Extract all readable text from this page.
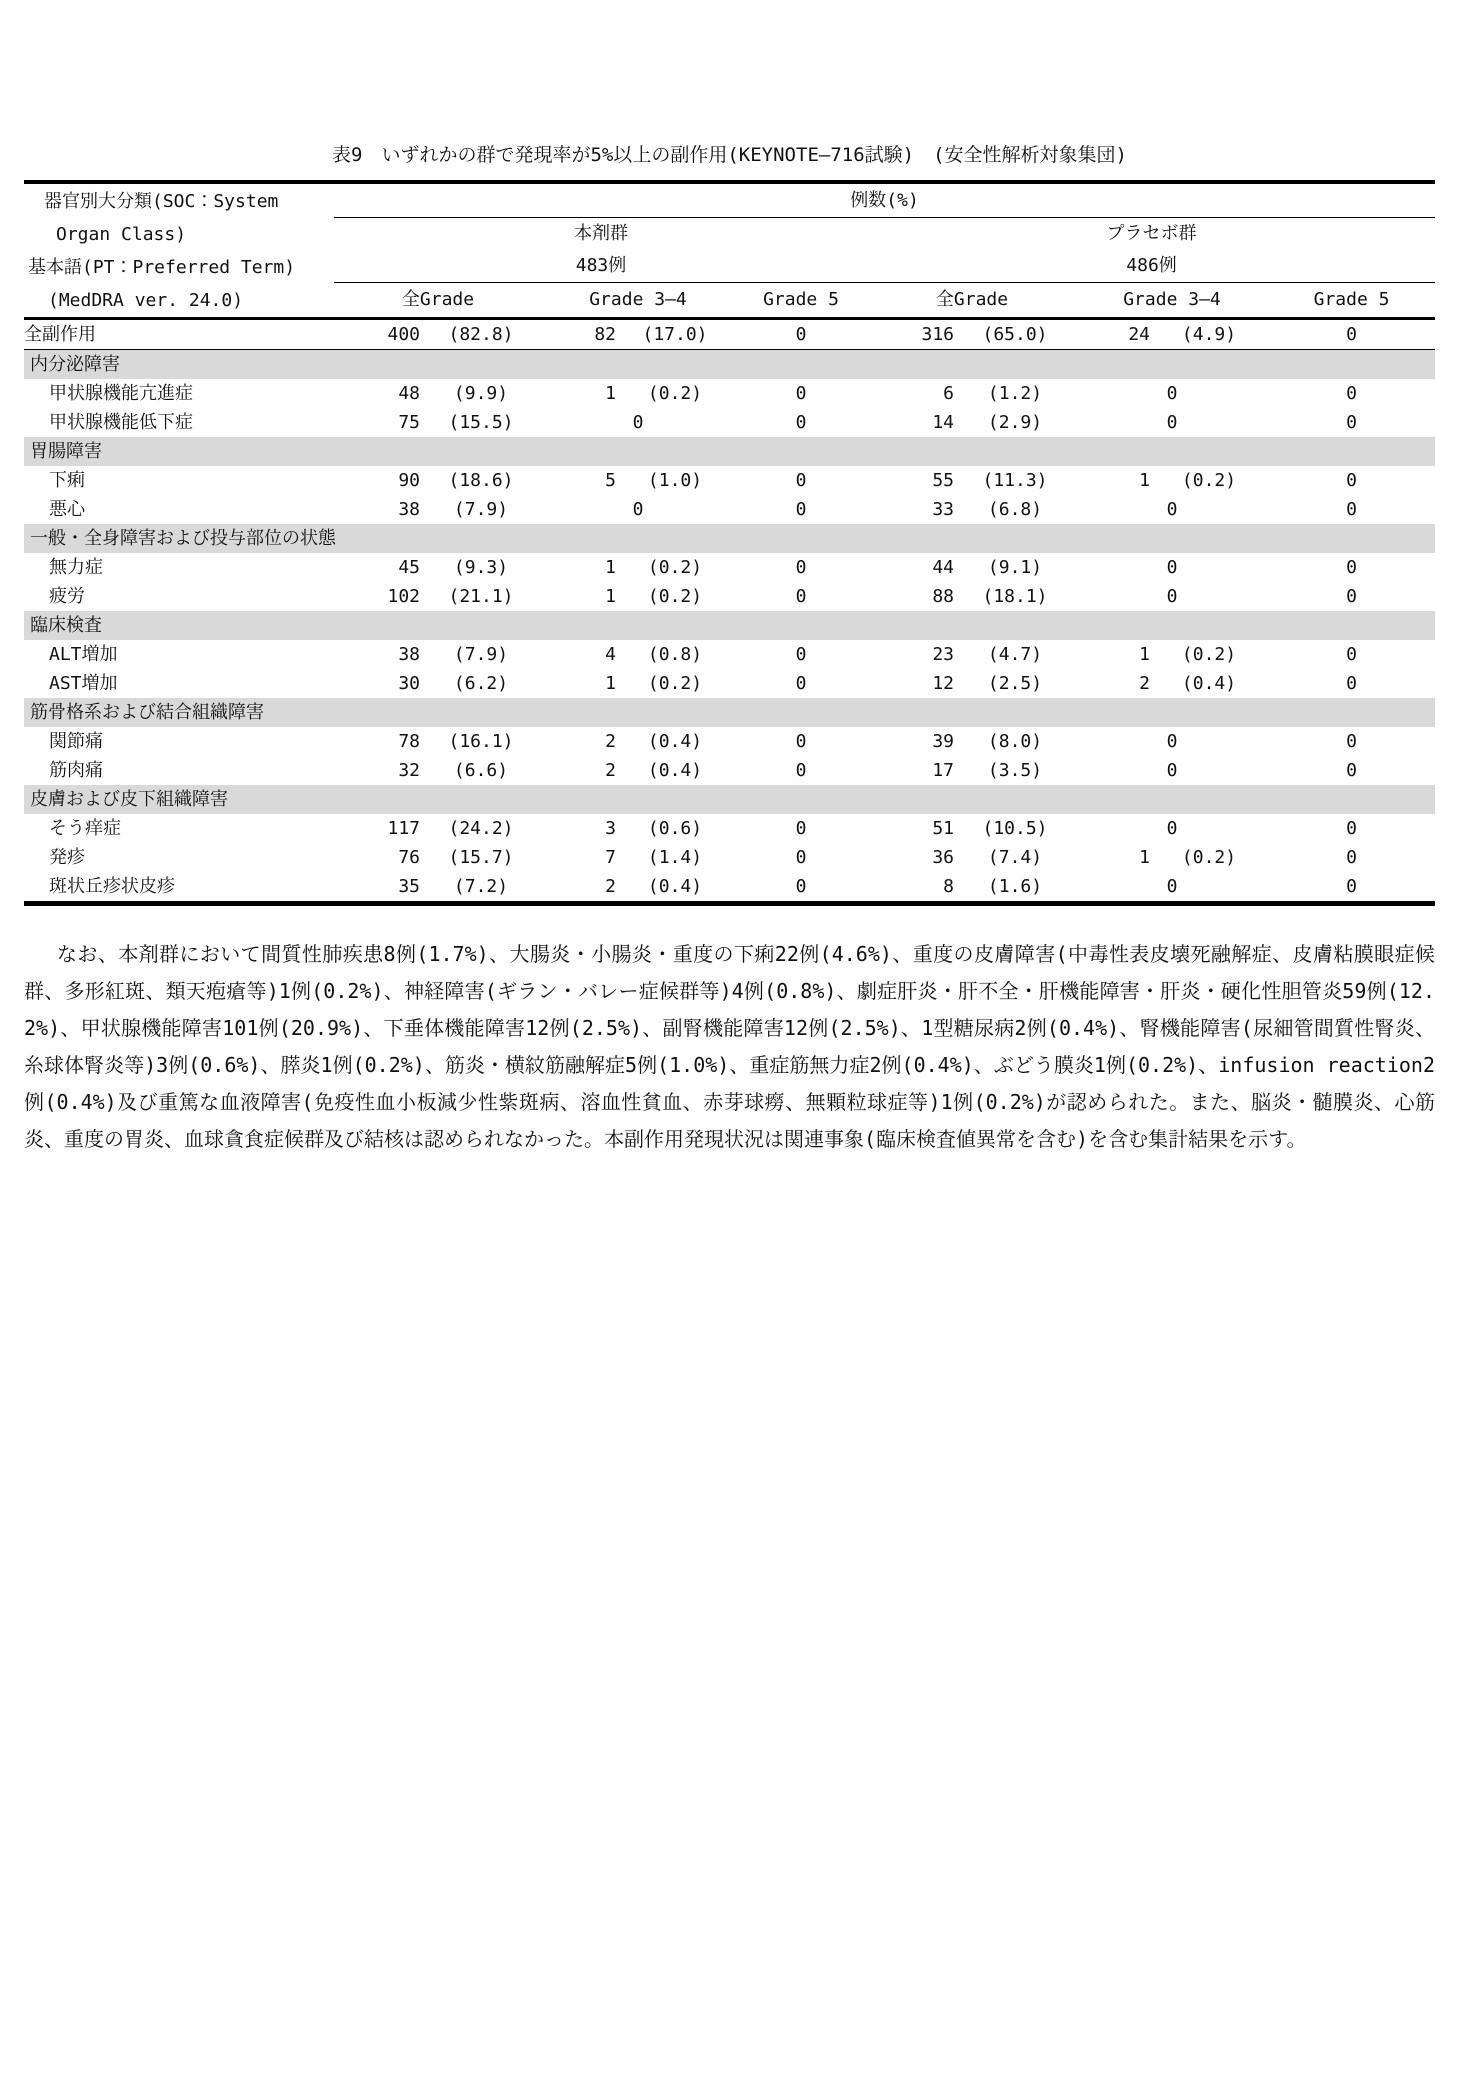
表9　いずれかの群で発現率が5%以上の副作用(KEYNOTE―716試験)　(安全性解析対象集団)
器官別大分類(SOC：System
Organ Class)
基本語(PT：Preferred Term)
(MedDRA ver. 24.0)	例数(%)									

本剤群
483例

プラセボ群
486例

	全Grade		Grade 3―4		Grade 5	全Grade		Grade 3―4		Grade 5
全副作用	400	(82.8)	82	(17.0)	0	316	(65.0)	24	(4.9)	0
内分泌障害										
甲状腺機能亢進症	48	(9.9)	1	(0.2)	0	6	(1.2)	0		0
甲状腺機能低下症	75	(15.5)	0		0	14	(2.9)	0		0
胃腸障害										
下痢	90	(18.6)	5	(1.0)	0	55	(11.3)	1	(0.2)	0
悪心	38	(7.9)	0		0	33	(6.8)	0		0
一般・全身障害および投与部位の状態										
無力症	45	(9.3)	1	(0.2)	0	44	(9.1)	0		0
疲労	102	(21.1)	1	(0.2)	0	88	(18.1)	0		0
臨床検査										
ALT増加	38	(7.9)	4	(0.8)	0	23	(4.7)	1	(0.2)	0
AST増加	30	(6.2)	1	(0.2)	0	12	(2.5)	2	(0.4)	0
筋骨格系および結合組織障害										
関節痛	78	(16.1)	2	(0.4)	0	39	(8.0)	0		0
筋肉痛	32	(6.6)	2	(0.4)	0	17	(3.5)	0		0
皮膚および皮下組織障害										
そう痒症	117	(24.2)	3	(0.6)	0	51	(10.5)	0		0
発疹	76	(15.7)	7	(1.4)	0	36	(7.4)	1	(0.2)	0
斑状丘疹状皮疹	35	(7.2)	2	(0.4)	0	8	(1.6)	0		0

なお、本剤群において間質性肺疾患8例(1.7%)、大腸炎・小腸炎・重度の下痢22例(4.6%)、重度の皮膚障害(中毒性表皮壊死融解症、皮膚粘膜眼症候群、多形紅斑、類天疱瘡等)1例(0.2%)、神経障害(ギラン・バレー症候群等)4例(0.8%)、劇症肝炎・肝不全・肝機能障害・肝炎・硬化性胆管炎59例(12.2%)、甲状腺機能障害101例(20.9%)、下垂体機能障害12例(2.5%)、副腎機能障害12例(2.5%)、1型糖尿病2例(0.4%)、腎機能障害(尿細管間質性腎炎、糸球体腎炎等)3例(0.6%)、膵炎1例(0.2%)、筋炎・横紋筋融解症5例(1.0%)、重症筋無力症2例(0.4%)、ぶどう膜炎1例(0.2%)、infusion reaction2例(0.4%)及び重篤な血液障害(免疫性血小板減少性紫斑病、溶血性貧血、赤芽球癆、無顆粒球症等)1例(0.2%)が認められた。また、脳炎・髄膜炎、心筋炎、重度の胃炎、血球貪食症候群及び結核は認められなかった。本副作用発現状況は関連事象(臨床検査値異常を含む)を含む集計結果を示す。
